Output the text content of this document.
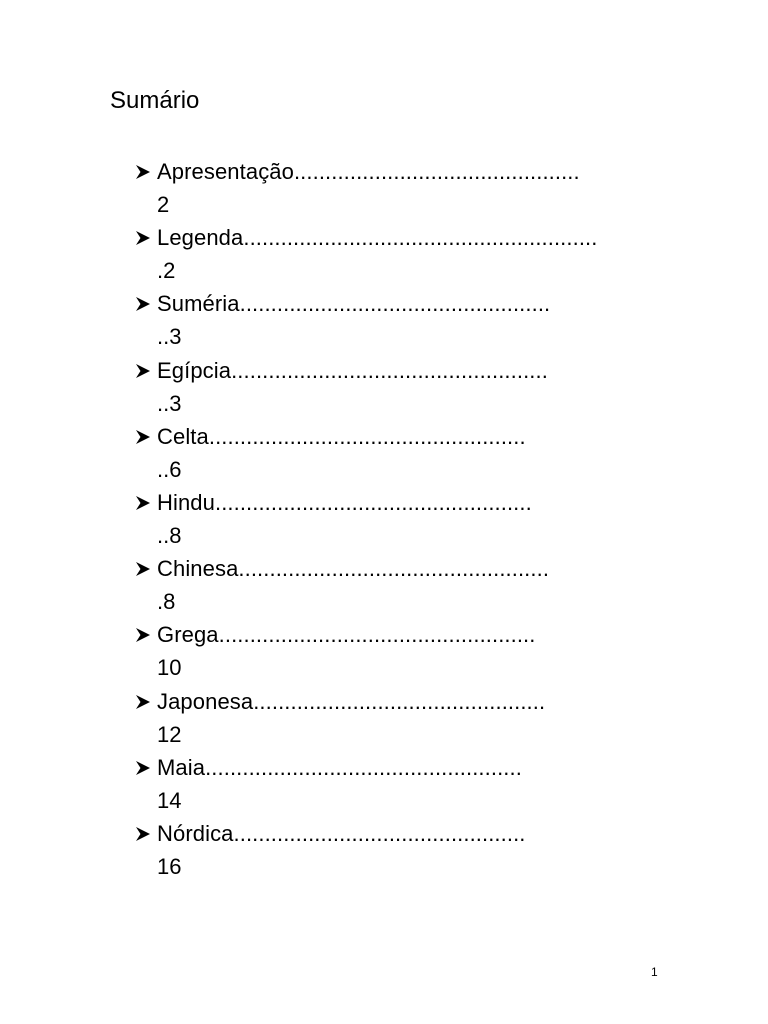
Sumário
Apresentação..............................................
2
Legenda.........................................................
.2
Suméria..................................................
..3
Egípcia...................................................
..3
Celta...................................................
..6
Hindu...................................................
..8
Chinesa..................................................
.8
Grega...................................................
10
Japonesa...............................................
12
Maia...................................................
14
Nórdica...............................................
16
1
